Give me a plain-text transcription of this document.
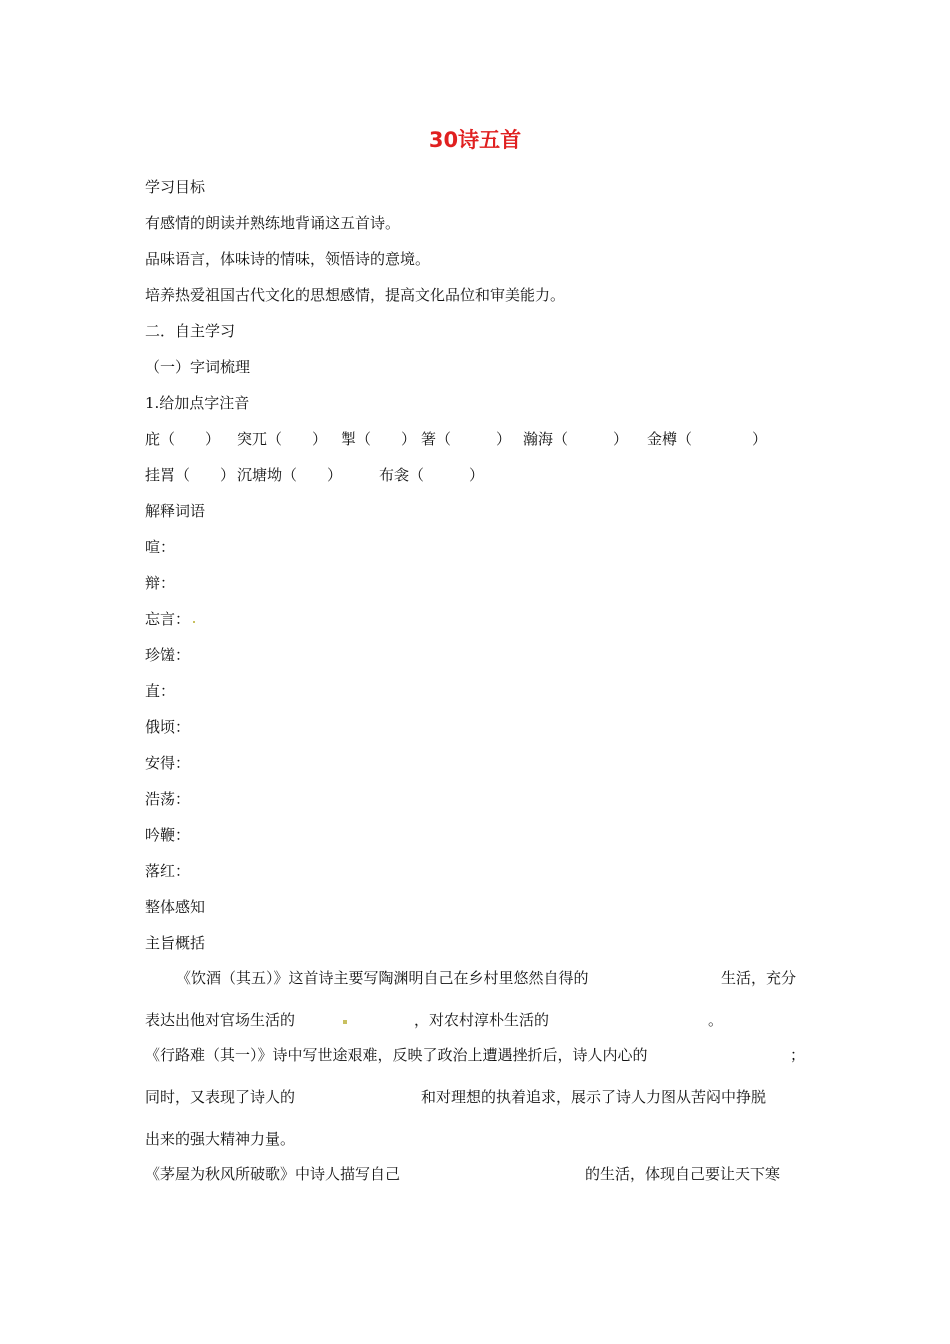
30诗五首
学习目标
有感情的朗读并熟练地背诵这五首诗。
品味语言，体味诗的情味，领悟诗的意境。
培养热爱祖国古代文化的思想感情，提高文化品位和审美能力。
二．自主学习
（一）字词梳理
1.给加点字注音
庇（　　） 突兀（　　） 掣（　　） 箸（　　　） 瀚海（　　　） 金樽（　　　　）
挂罥（　　） 沉塘坳（　　） 布衾（　　　）
解释词语
喧：
辩：
忘言：
珍馐：
直：
俄顷：
安得：
浩荡：
吟鞭：
落红：
整体感知
主旨概括
《饮酒（其五）》这首诗主要写陶渊明自己在乡村里悠然自得的	生活，充分
表达出他对官场生活的	，对农村淳朴生活的	。
《行路难（其一）》诗中写世途艰难，反映了政治上遭遇挫折后，诗人内心的	；
同时，又表现了诗人的	和对理想的执着追求，展示了诗人力图从苦闷中挣脱
出来的强大精神力量。
《茅屋为秋风所破歌》中诗人描写自己	的生活，体现自己要让天下寒
